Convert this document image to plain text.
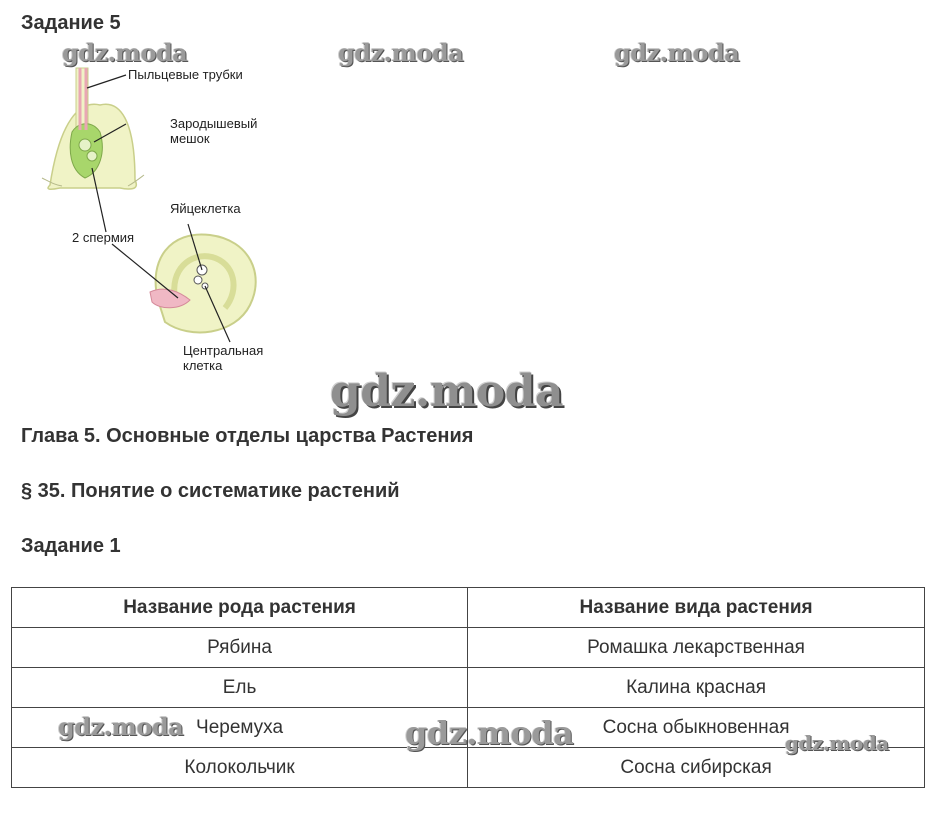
Задание 5
Пыльцевые трубки
Зародышевый
мешок
Яйцеклетка
2 спермия
Центральная
клетка
gdz.moda	gdz.moda	gdz.moda
gdz.moda
Глава 5. Основные отделы царства Растения
§ 35. Понятие о систематике растений
Задание 1
Название рода растения	Название вида растения
Рябина	Ромашка лекарственная
Ель	Калина красная
Черемуха	Сосна обыкновенная
Колокольчик	Сосна сибирская
gdz.moda	gdz.moda	gdz.moda
